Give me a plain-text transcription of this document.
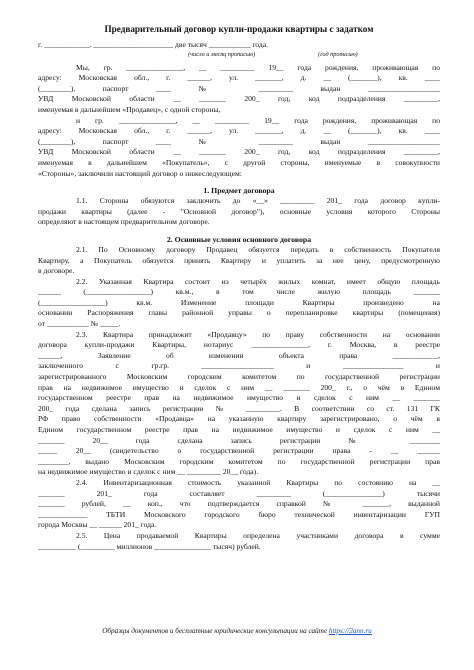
Предварительный договор купли-продажи квартиры с задатком
г. ____________. _____________________ две тысяч ___________ года.
(число и месяц прописью)	(год прописью)
Мы, гр. _______________, __ _________ 19__ года рождения, проживающая по
адресу: Московская обл., г. ______, ул. _______, д. __ (_______), кв. ____
(________), паспорт ____ № _________ выдан ___________________
УВД Московской области __ _______ 200_ год, код подразделения _________,
именуемая в дальнейшем «Продавец», с одной стороны,
и гр. _______________, __ _________ 19__ года рождения, проживающая по
адресу: Московская обл., г. ______, ул. _______, д. __ (_______), кв. ____
(________), паспорт ____ № _________ выдан ___________________
УВД Московской области __ _______ 200_ год, код подразделения _________,
именуемая в дальнейшем «Покупатель», с другой стороны, именуемые в совокупности
«Стороны», заключили настоящий договор о нижеследующем:
1. Предмет договора
1.1. Стороны обязуются заключить до «__» _________ 201_ года договор купли-
продажи квартиры (далее - "Основной договор"), основные условия которого Стороны
определяют в настоящем предварительном договоре.
2. Основные условия основного договора
2.1. По Основному договору Продавец обязуется передать в собственность Покупателя
Квартиру, а Покупатель обязуется принять Квартиру и уплатить за нее цену, предусмотренную
в договоре.
2.2. Указанная Квартира состоит из четырёх жилых комнат, имеет общую площадь
______ (_________________) кв.м., в том числе жилую площадь _______
(_________________) кв.м. Изменение площади Квартиры произведено на
основании Распоряжения главы районной управы о перепланировке квартиры (помещения)
от ___________ № _____.
2.3. Квартира принадлежит «Продавцу» по праву собственности на основании
договора купли-продажи Квартиры, нотариус _______________, г. Москва, в реестре
______, Заявление об изменении объекта права ____________,
заключенного с гр.гр. ___________________ и ________________ и
зарегистрированного Московским городским комитетом по государственной регистрации
прав на недвижимое имущество и сделок с ним __ _______ 200_ г., о чём в Едином
государственном реестре прав на недвижимое имущество и сделок с ним __ _______
200_ года сделана запись регистрации № _________. В соответствии со ст. 131 ГК
РФ право собственности «Продавца» на указанную квартиру зарегистрировано, о чём в
Едином государственном реестре прав на недвижимое имущество и сделок с ним __
_______ 20__ года сделана запись регистрации № ________
_____ 20__ (свидетельство о государственной регистрации права - __ ______
________, выдано Московским городским комитетом по государственной регистрации прав
на недвижимое имущество и сделок с ним __ _________ 20__ года).
2.4. Инвентаризационная стоимость указанной Квартиры по состоянию на __
_______ 201_ года составляет _________ (_______________) тысячи
_______ рублей, __ коп., что подтверждается справкой № _______, выданной
_____________ ТБТИ Московского городского бюро технической инвентаризации ГУП
города Москвы __ ______ 201_ года.
2.5. Цена продаваемой Квартиры определена участниками договора в сумме
__________ (_________ миллионов _______________ тысяч) рублей.
Образцы документов и бесплатные юридические консультации на сайте https://2ann.ru
